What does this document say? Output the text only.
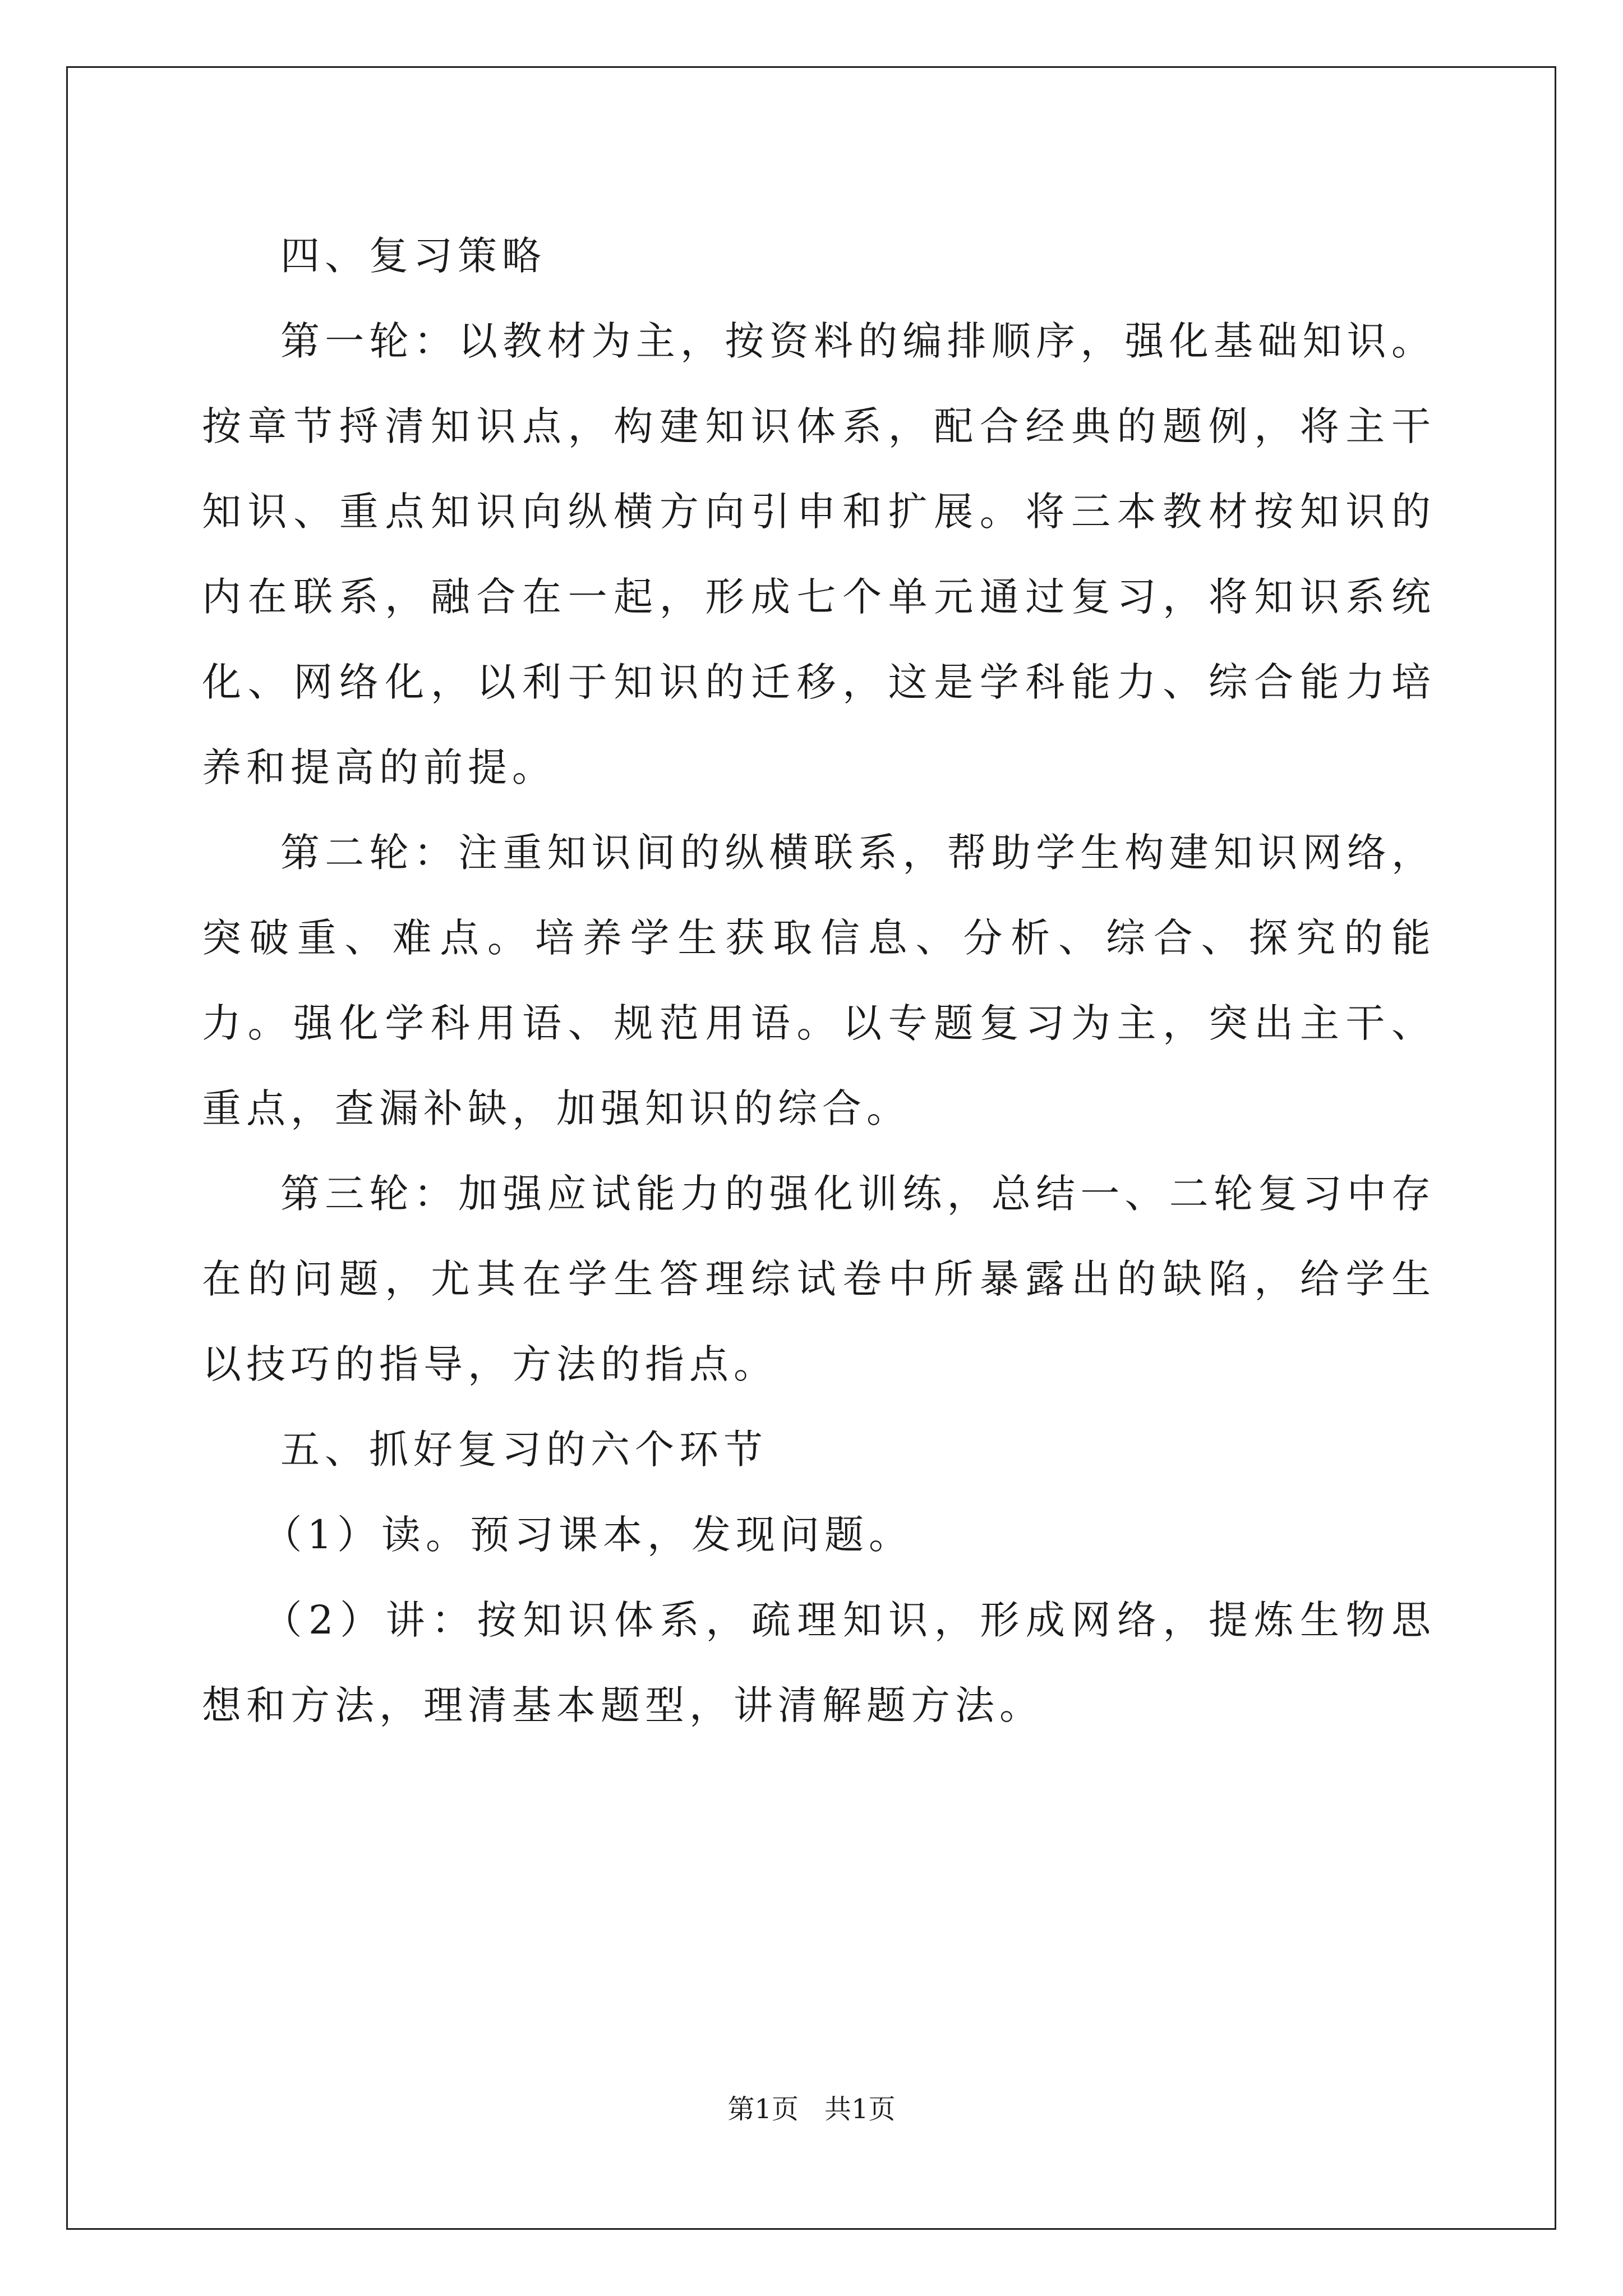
四、复习策略

第一轮：以教材为主，按资料的编排顺序，强化基础知识。按章节捋清知识点，构建知识体系，配合经典的题例，将主干知识、重点知识向纵横方向引申和扩展。将三本教材按知识的内在联系，融合在一起，形成七个单元通过复习，将知识系统化、网络化，以利于知识的迁移，这是学科能力、综合能力培养和提高的前提。

第二轮：注重知识间的纵横联系，帮助学生构建知识网络，突破重、难点。培养学生获取信息、分析、综合、探究的能力。强化学科用语、规范用语。以专题复习为主，突出主干、重点，查漏补缺，加强知识的综合。

第三轮：加强应试能力的强化训练，总结一、二轮复习中存在的问题，尤其在学生答理综试卷中所暴露出的缺陷，给学生以技巧的指导，方法的指点。

五、抓好复习的六个环节

（1）读。预习课本，发现问题。

（2）讲：按知识体系，疏理知识，形成网络，提炼生物思想和方法，理清基本题型，讲清解题方法。

第1页 共1页
